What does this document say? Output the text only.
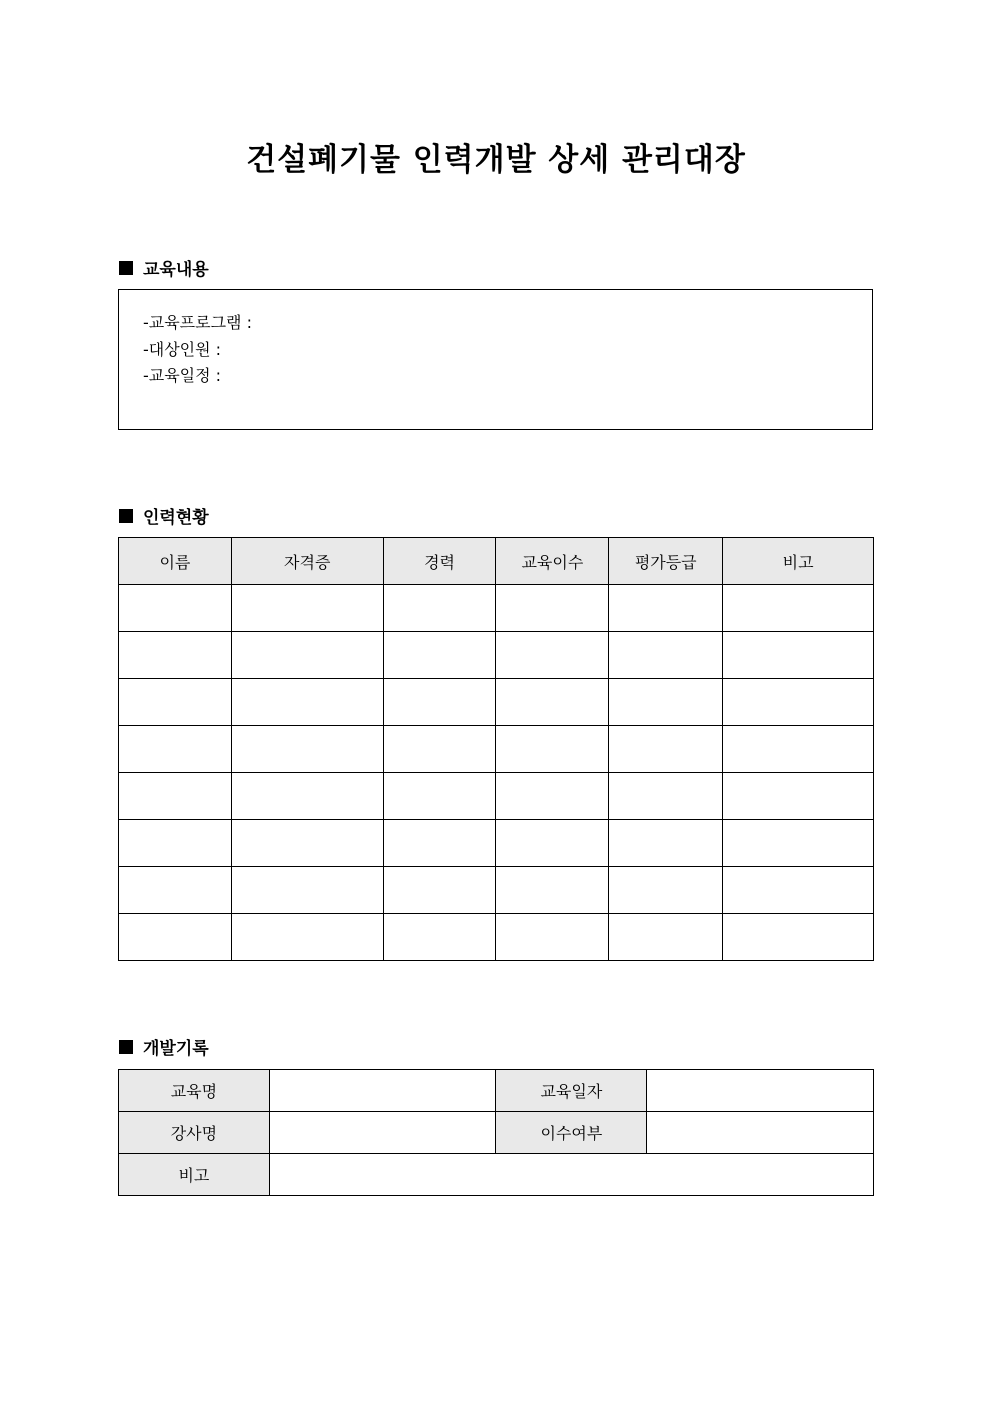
건설폐기물 인력개발 상세 관리대장
교육내용
-교육프로그램 :
-대상인원 :
-교육일정 :
인력현황
이름	자격증	경력	교육이수	평가등급	비고

개발기록
교육명		교육일자	
강사명		이수여부	
비고			
